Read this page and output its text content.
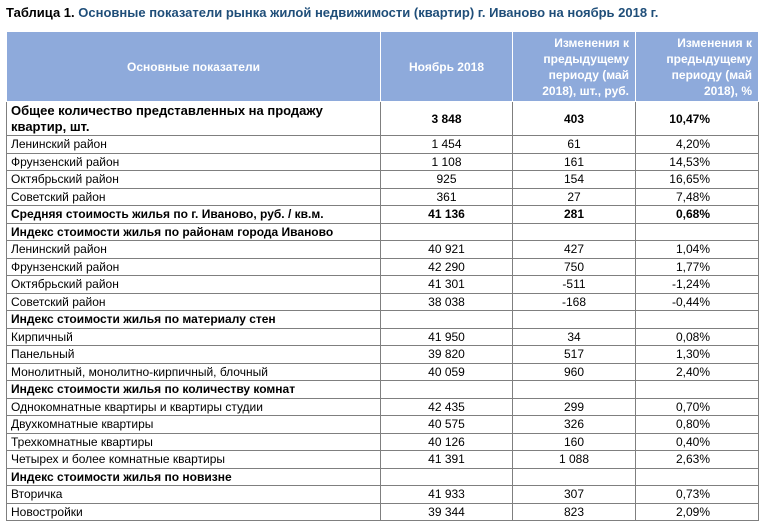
Таблица 1. Основные показатели рынка жилой недвижимости (квартир) г. Иваново на ноябрь 2018 г.
Основные показатели	Ноябрь 2018	Изменения к предыдущему периоду (май 2018), шт., руб.	Изменения к предыдущему периоду (май 2018), %
Общее количество представленных на продажу квартир, шт.	3 848	403	10,47%
Ленинский район	1 454	61	4,20%
Фрунзенский район	1 108	161	14,53%
Октябрьский район	925	154	16,65%
Советский район	361	27	7,48%
Средняя стоимость жилья по г. Иваново, руб. / кв.м.	41 136	281	0,68%
Индекс стоимости жилья по районам города Иваново			
Ленинский район	40 921	427	1,04%
Фрунзенский район	42 290	750	1,77%
Октябрьский район	41 301	-511	-1,24%
Советский район	38 038	-168	-0,44%
Индекс стоимости жилья по материалу стен			
Кирпичный	41 950	34	0,08%
Панельный	39 820	517	1,30%
Монолитный, монолитно-кирпичный, блочный	40 059	960	2,40%
Индекс стоимости жилья по количеству комнат			
Однокомнатные квартиры и квартиры студии	42 435	299	0,70%
Двухкомнатные квартиры	40 575	326	0,80%
Трехкомнатные квартиры	40 126	160	0,40%
Четырех и более комнатные квартиры	41 391	1 088	2,63%
Индекс стоимости жилья по новизне			
Вторичка	41 933	307	0,73%
Новостройки	39 344	823	2,09%
